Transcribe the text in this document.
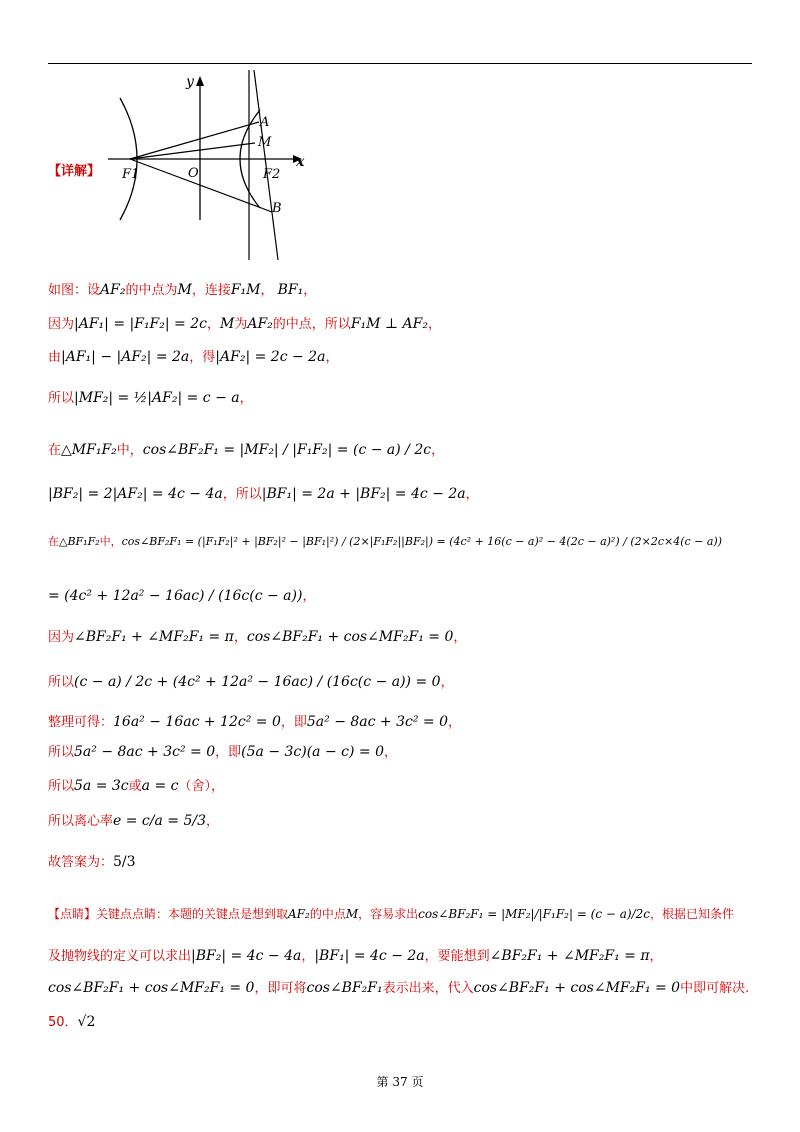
【详解】
y
x
A
M
O
F1	F2
B
如图：设AF₂的中点为M，连接F₁M， BF₁，
因为|AF₁| = |F₁F₂| = 2c，M为AF₂的中点，所以F₁M ⊥ AF₂，
由|AF₁| − |AF₂| = 2a，得|AF₂| = 2c − 2a，
所以|MF₂| = ½|AF₂| = c − a，
在△MF₁F₂中，cos∠BF₂F₁ = |MF₂| / |F₁F₂| = (c − a) / 2c，
|BF₂| = 2|AF₂| = 4c − 4a，所以|BF₁| = 2a + |BF₂| = 4c − 2a，
在△BF₁F₂中，cos∠BF₂F₁ = (|F₁F₂|² + |BF₂|² − |BF₁|²) / (2×|F₁F₂||BF₂|) = (4c² + 16(c − a)² − 4(2c − a)²) / (2×2c×4(c − a))
= (4c² + 12a² − 16ac) / (16c(c − a))，
因为∠BF₂F₁ + ∠MF₂F₁ = π，cos∠BF₂F₁ + cos∠MF₂F₁ = 0，
所以(c − a) / 2c + (4c² + 12a² − 16ac) / (16c(c − a)) = 0，
整理可得：16a² − 16ac + 12c² = 0，即5a² − 8ac + 3c² = 0，
所以5a² − 8ac + 3c² = 0，即(5a − 3c)(a − c) = 0，
所以5a = 3c或a = c（舍），
所以离心率e = c/a = 5/3，
故答案为：5/3
【点睛】关键点点睛：本题的关键点是想到取AF₂的中点M，容易求出cos∠BF₂F₁ = |MF₂|/|F₁F₂| = (c − a)/2c，根据已知条件
及抛物线的定义可以求出|BF₂| = 4c − 4a，|BF₁| = 4c − 2a，要能想到∠BF₂F₁ + ∠MF₂F₁ = π，
cos∠BF₂F₁ + cos∠MF₂F₁ = 0，即可将cos∠BF₂F₁表示出来，代入cos∠BF₂F₁ + cos∠MF₂F₁ = 0中即可解决.
50．√2
第 37 页
